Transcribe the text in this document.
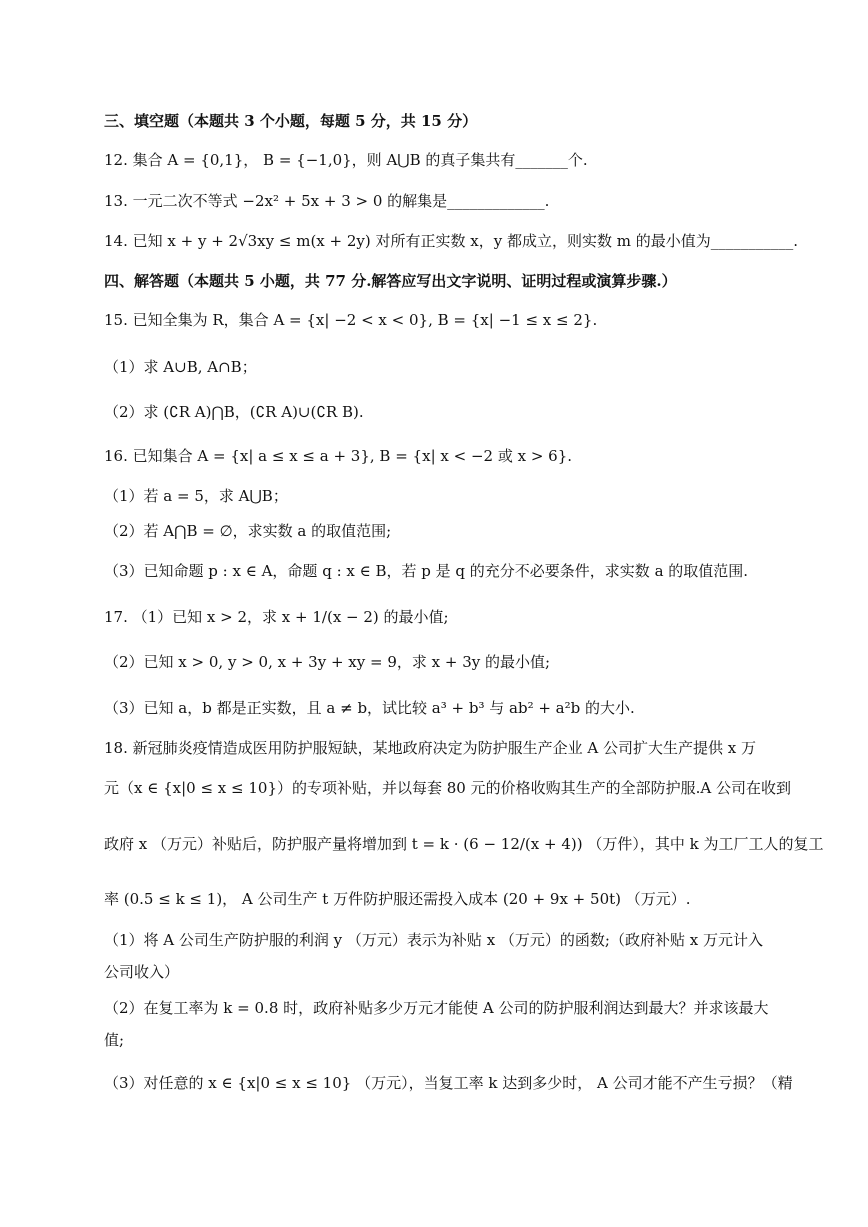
三、填空题（本题共 3 个小题，每题 5 分，共 15 分）
12. 集合 A = {0,1}， B = {−1,0}，则 A⋃B 的真子集共有_______个.
13. 一元二次不等式 −2x² + 5x + 3 > 0 的解集是_____________.
14. 已知 x + y + 2√3xy ≤ m(x + 2y) 对所有正实数 x，y 都成立，则实数 m 的最小值为___________.
四、解答题（本题共 5 小题，共 77 分.解答应写出文字说明、证明过程或演算步骤.）
15. 已知全集为 R，集合 A = {x| −2 < x < 0}, B = {x| −1 ≤ x ≤ 2}.
（1）求 A∪B, A∩B；
（2）求 (∁R A)⋂B，(∁R A)∪(∁R B).
16. 已知集合 A = {x| a ≤ x ≤ a + 3}, B = {x| x < −2 或 x > 6}.
（1）若 a = 5，求 A⋃B；
（2）若 A⋂B = ∅，求实数 a 的取值范围;
（3）已知命题 p : x ∈ A，命题 q : x ∈ B，若 p 是 q 的充分不必要条件，求实数 a 的取值范围.
17. （1）已知 x > 2，求 x + 1/(x − 2) 的最小值;
（2）已知 x > 0, y > 0, x + 3y + xy = 9，求 x + 3y 的最小值;
（3）已知 a，b 都是正实数，且 a ≠ b，试比较 a³ + b³ 与 ab² + a²b 的大小.
18. 新冠肺炎疫情造成医用防护服短缺，某地政府决定为防护服生产企业 A 公司扩大生产提供 x 万
元（x ∈ {x|0 ≤ x ≤ 10}）的专项补贴，并以每套 80 元的价格收购其生产的全部防护服.A 公司在收到
政府 x （万元）补贴后，防护服产量将增加到 t = k · (6 − 12/(x + 4)) （万件），其中 k 为工厂工人的复工
率 (0.5 ≤ k ≤ 1)， A 公司生产 t 万件防护服还需投入成本 (20 + 9x + 50t) （万元）.
（1）将 A 公司生产防护服的利润 y （万元）表示为补贴 x （万元）的函数;（政府补贴 x 万元计入
公司收入）
（2）在复工率为 k = 0.8 时，政府补贴多少万元才能使 A 公司的防护服利润达到最大？并求该最大
值;
（3）对任意的 x ∈ {x|0 ≤ x ≤ 10} （万元），当复工率 k 达到多少时， A 公司才能不产生亏损？（精
